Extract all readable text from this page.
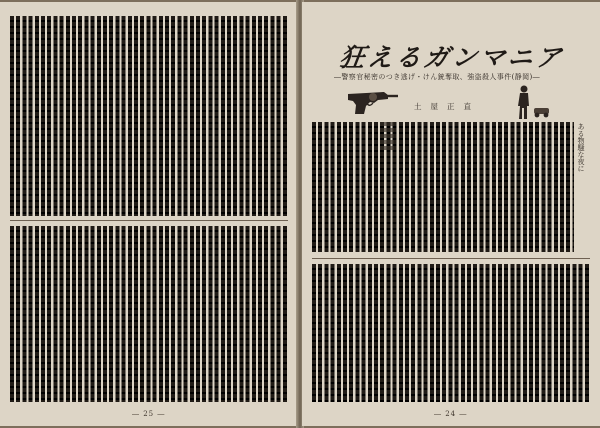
― 25 ―	― 24 ―
狂えるガンマニア
―警察官秘密のつき逃げ・けん銃奪取、強盗殺人事件(静岡)―
土屋正直
ある物騒な夜に
